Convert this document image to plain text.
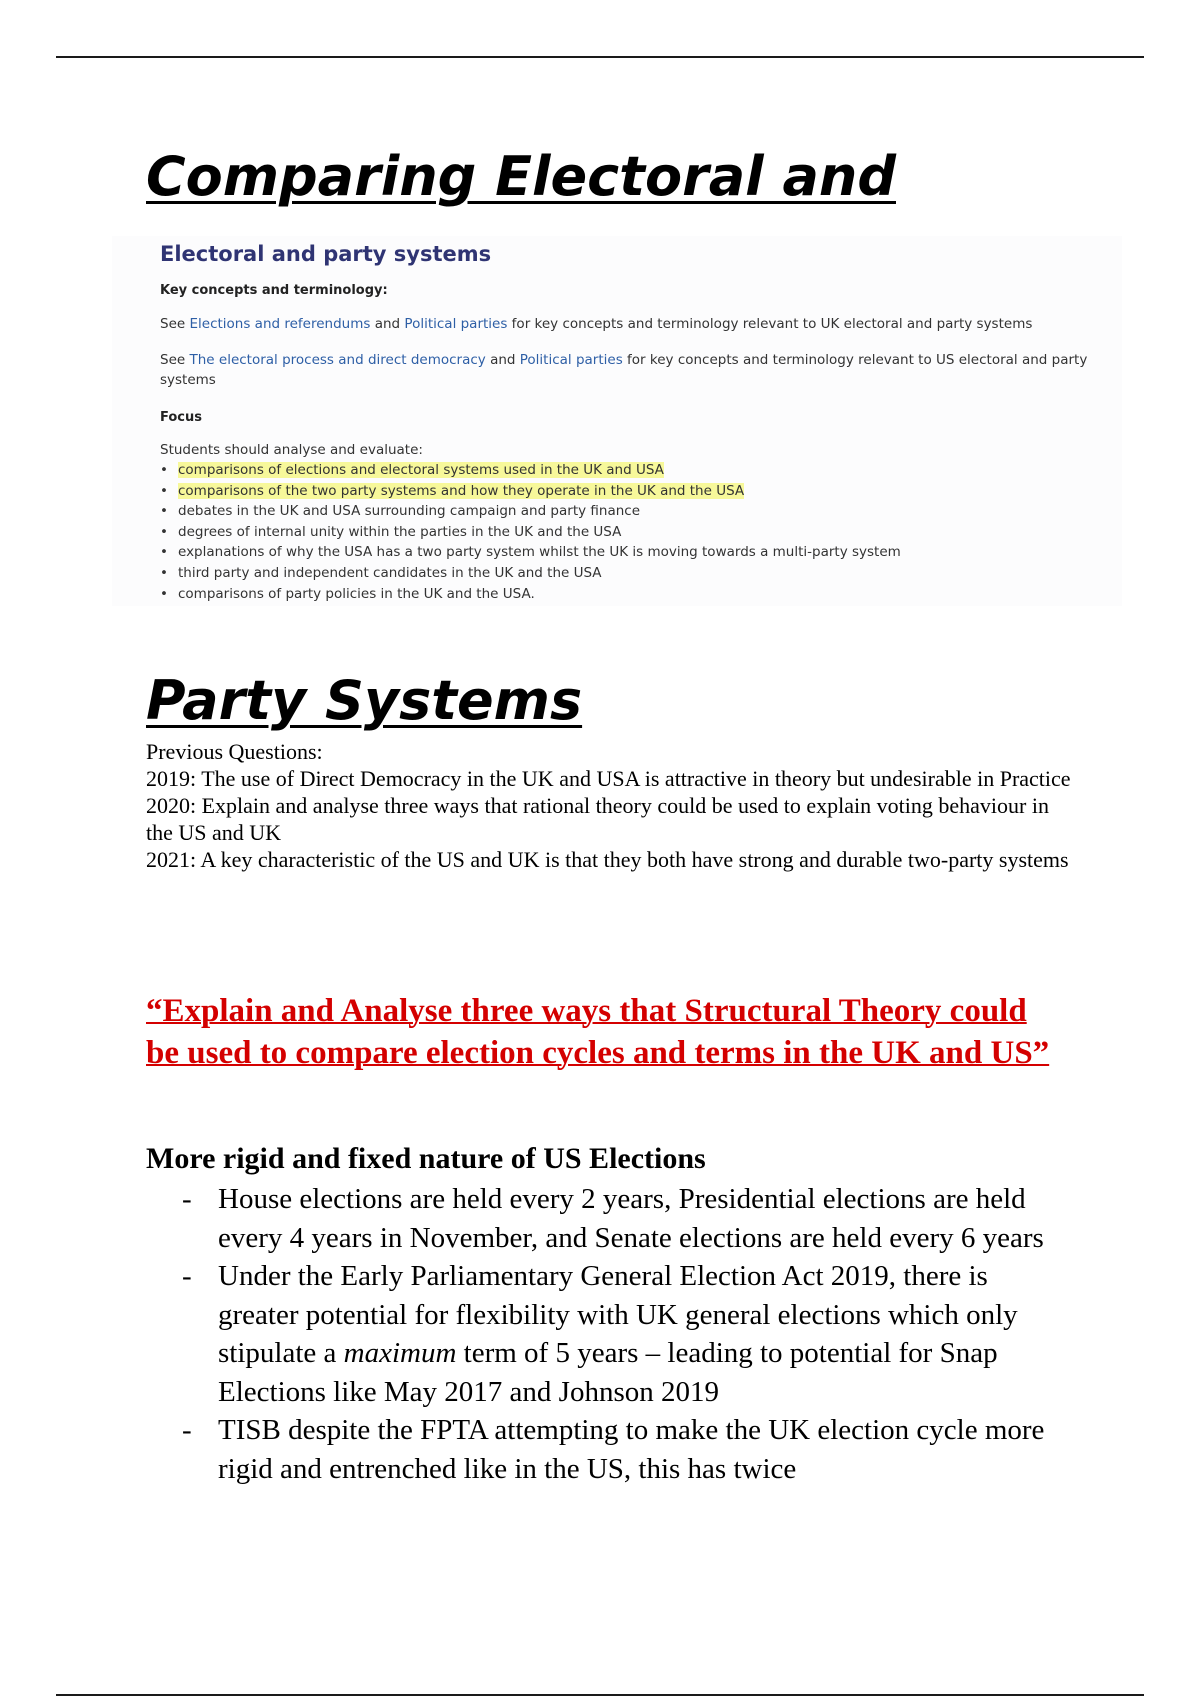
Comparing Electoral and
Electoral and party systems
Key concepts and terminology:
See Elections and referendums and Political parties for key concepts and terminology relevant to UK electoral and party systems
See The electoral process and direct democracy and Political parties for key concepts and terminology relevant to US electoral and party systems
Focus
Students should analyse and evaluate:
• comparisons of elections and electoral systems used in the UK and USA
• comparisons of the two party systems and how they operate in the UK and the USA
• debates in the UK and USA surrounding campaign and party finance
• degrees of internal unity within the parties in the UK and the USA
• explanations of why the USA has a two party system whilst the UK is moving towards a multi-party system
• third party and independent candidates in the UK and the USA
• comparisons of party policies in the UK and the USA.
Party Systems

Previous Questions:

2019: The use of Direct Democracy in the UK and USA is attractive in theory but undesirable in Practice

2020: Explain and analyse three ways that rational theory could be used to explain voting behaviour in the US and UK

2021: A key characteristic of the US and UK is that they both have strong and durable two-party systems

“Explain and Analyse three ways that Structural Theory could be used to compare election cycles and terms in the UK and US”
More rigid and fixed nature of US Elections
- House elections are held every 2 years, Presidential elections are held every 4 years in November, and Senate elections are held every 6 years
- Under the Early Parliamentary General Election Act 2019, there is greater potential for flexibility with UK general elections which only stipulate a maximum term of 5 years – leading to potential for Snap Elections like May 2017 and Johnson 2019
- TISB despite the FPTA attempting to make the UK election cycle more rigid and entrenched like in the US, this has twice
